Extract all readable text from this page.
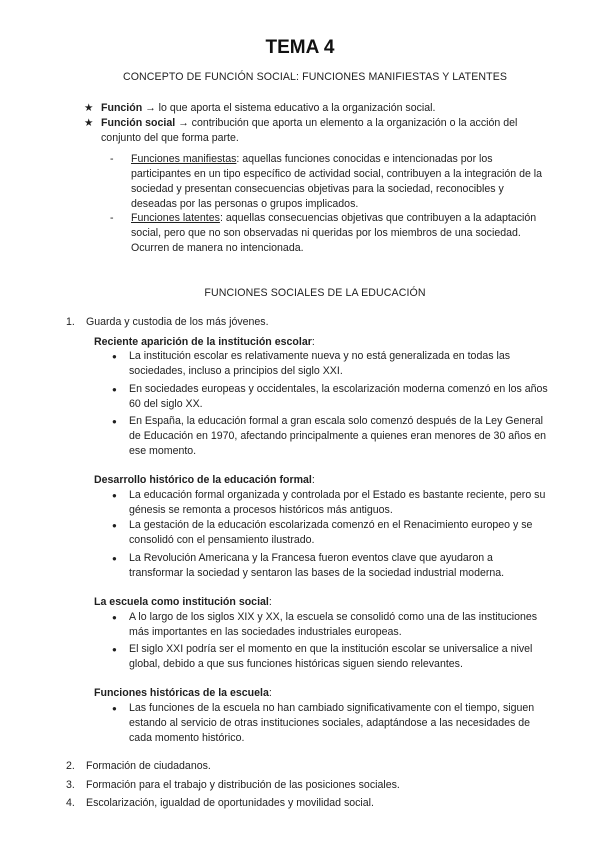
TEMA 4
CONCEPTO DE FUNCIÓN SOCIAL: FUNCIONES MANIFIESTAS Y LATENTES
★ Función → lo que aporta el sistema educativo a la organización social.
★ Función social → contribución que aporta un elemento a la organización o la acción del conjunto del que forma parte.
- Funciones manifiestas: aquellas funciones conocidas e intencionadas por los participantes en un tipo específico de actividad social, contribuyen a la integración de la sociedad y presentan consecuencias objetivas para la sociedad, reconocibles y deseadas por las personas o grupos implicados.
- Funciones latentes: aquellas consecuencias objetivas que contribuyen a la adaptación social, pero que no son observadas ni queridas por los miembros de una sociedad. Ocurren de manera no intencionada.
FUNCIONES SOCIALES DE LA EDUCACIÓN
1. Guarda y custodia de los más jóvenes.
Reciente aparición de la institución escolar:
● La institución escolar es relativamente nueva y no está generalizada en todas las sociedades, incluso a principios del siglo XXI.
● En sociedades europeas y occidentales, la escolarización moderna comenzó en los años 60 del siglo XX.
● En España, la educación formal a gran escala solo comenzó después de la Ley General de Educación en 1970, afectando principalmente a quienes eran menores de 30 años en ese momento.
Desarrollo histórico de la educación formal:
● La educación formal organizada y controlada por el Estado es bastante reciente, pero su génesis se remonta a procesos históricos más antiguos.
● La gestación de la educación escolarizada comenzó en el Renacimiento europeo y se consolidó con el pensamiento ilustrado.
● La Revolución Americana y la Francesa fueron eventos clave que ayudaron a transformar la sociedad y sentaron las bases de la sociedad industrial moderna.
La escuela como institución social:
● A lo largo de los siglos XIX y XX, la escuela se consolidó como una de las instituciones más importantes en las sociedades industriales europeas.
● El siglo XXI podría ser el momento en que la institución escolar se universalice a nivel global, debido a que sus funciones históricas siguen siendo relevantes.
Funciones históricas de la escuela:
● Las funciones de la escuela no han cambiado significativamente con el tiempo, siguen estando al servicio de otras instituciones sociales, adaptándose a las necesidades de cada momento histórico.
2. Formación de ciudadanos.
3. Formación para el trabajo y distribución de las posiciones sociales.
4. Escolarización, igualdad de oportunidades y movilidad social.
